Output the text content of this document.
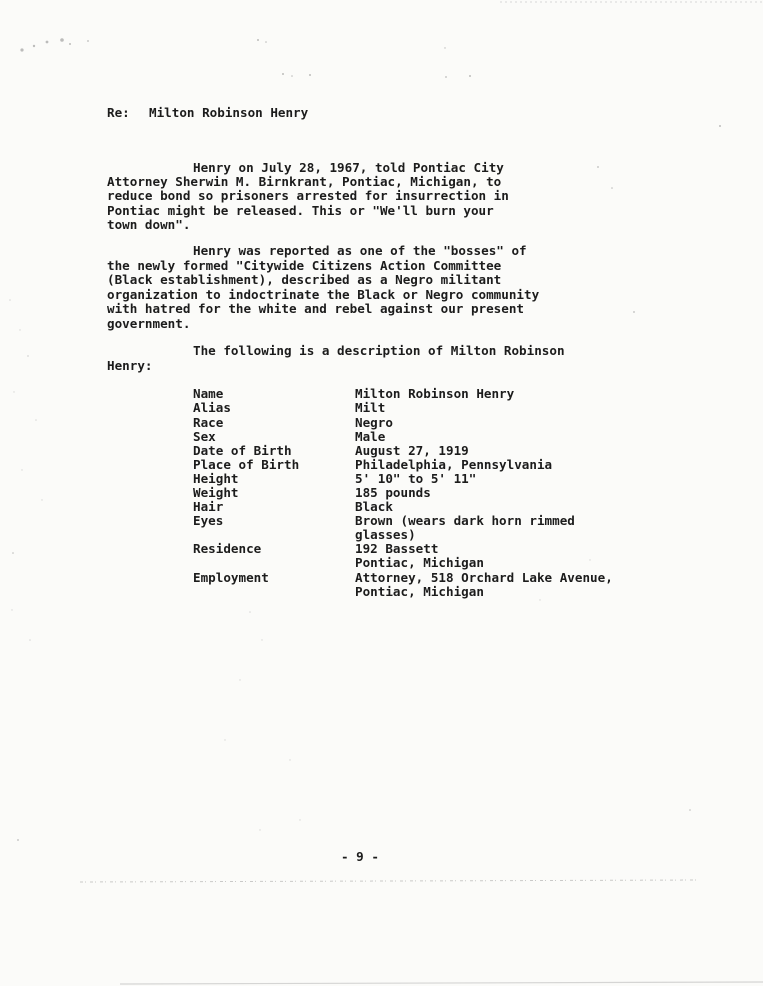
Re: Milton Robinson Henry
Henry on July 28, 1967, told Pontiac City
Attorney Sherwin M. Birnkrant, Pontiac, Michigan, to
reduce bond so prisoners arrested for insurrection in
Pontiac might be released. This or "We'll burn your
town down".
Henry was reported as one of the "bosses" of
the newly formed "Citywide Citizens Action Committee
(Black establishment), described as a Negro militant
organization to indoctrinate the Black or Negro community
with hatred for the white and rebel against our present
government.
The following is a description of Milton Robinson
Henry:
Name	Milton Robinson Henry
Alias	Milt
Race	Negro
Sex	Male
Date of Birth	August 27, 1919
Place of Birth	Philadelphia, Pennsylvania
Height	5' 10" to 5' 11"
Weight	185 pounds
Hair	Black
Eyes	Brown (wears dark horn rimmed
glasses)
Residence	192 Bassett
Pontiac, Michigan
Employment	Attorney, 518 Orchard Lake Avenue,
Pontiac, Michigan
- 9 -
